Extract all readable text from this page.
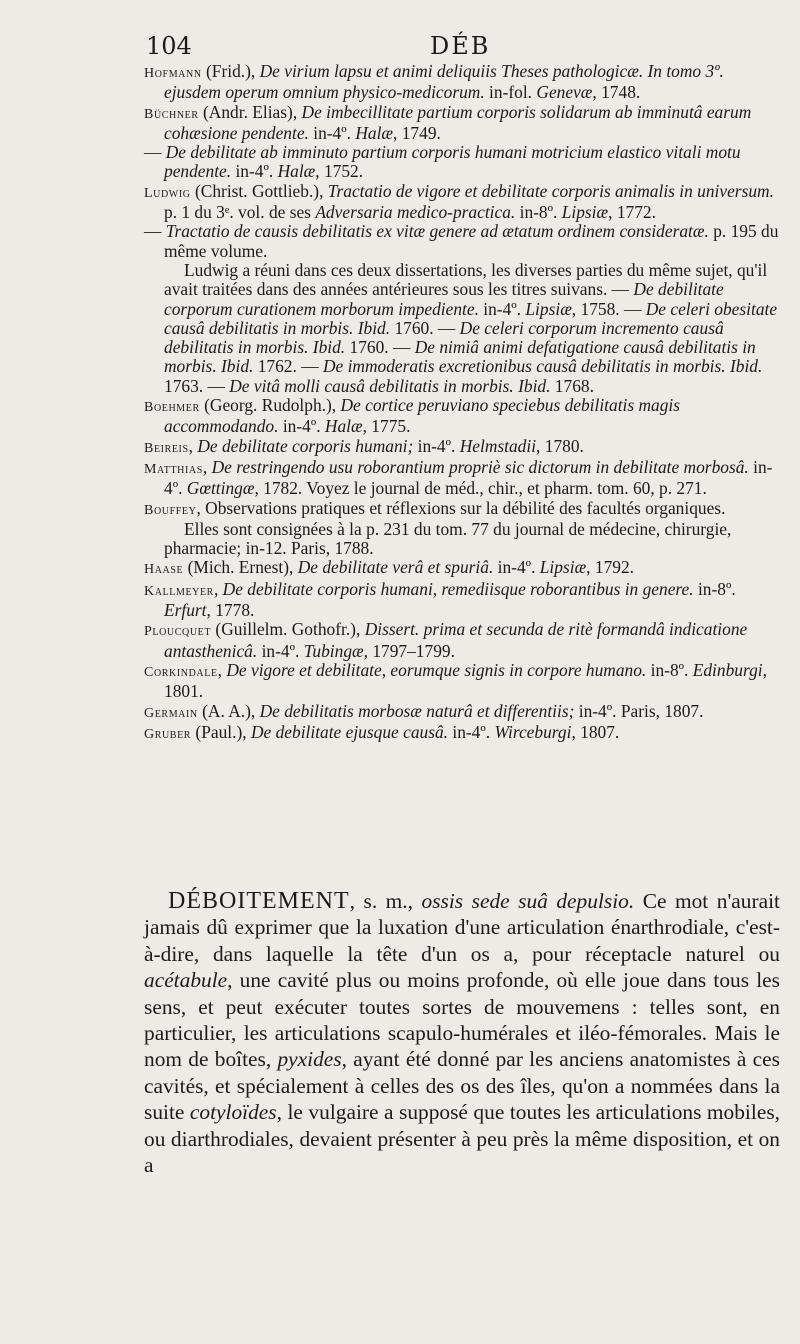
104	DÉB

Hofmann (Frid.), De virium lapsu et animi deliquiis Theses pathologicæ. In tomo 3º. ejusdem operum omnium physico-medicorum. in-fol. Genevæ, 1748.

Büchner (Andr. Elias), De imbecillitate partium corporis solidarum ab imminutâ earum cohæsione pendente. in-4º. Halæ, 1749.

— De debilitate ab imminuto partium corporis humani motricium elastico vitali motu pendente. in-4º. Halæ, 1752.

Ludwig (Christ. Gottlieb.), Tractatio de vigore et debilitate corporis animalis in universum. p. 1 du 3ᵉ. vol. de ses Adversaria medico-practica. in-8º. Lipsiæ, 1772.

— Tractatio de causis debilitatis ex vitæ genere ad ætatum ordinem consideratæ. p. 195 du même volume.

Ludwig a réuni dans ces deux dissertations, les diverses parties du même sujet, qu'il avait traitées dans des années antérieures sous les titres suivans. — De debilitate corporum curationem morborum impediente. in-4º. Lipsiæ, 1758. — De celeri obesitate causâ debilitatis in morbis. Ibid. 1760. — De celeri corporum incremento causâ debilitatis in morbis. Ibid. 1760. — De nimiâ animi defatigatione causâ debilitatis in morbis. Ibid. 1762. — De immoderatis excretionibus causâ debilitatis in morbis. Ibid. 1763. — De vitâ molli causâ debilitatis in morbis. Ibid. 1768.

Boehmer (Georg. Rudolph.), De cortice peruviano speciebus debilitatis magis accommodando. in-4º. Halæ, 1775.

Beireis, De debilitate corporis humani; in-4º. Helmstadii, 1780.

Matthias, De restringendo usu roborantium propriè sic dictorum in debilitate morbosâ. in-4º. Gœttingæ, 1782. Voyez le journal de méd., chir., et pharm. tom. 60, p. 271.

Bouffey, Observations pratiques et réflexions sur la débilité des facultés organiques.

Elles sont consignées à la p. 231 du tom. 77 du journal de médecine, chirurgie, pharmacie; in-12. Paris, 1788.

Haase (Mich. Ernest), De debilitate verâ et spuriâ. in-4º. Lipsiæ, 1792.

Kallmeyer, De debilitate corporis humani, remediisque roborantibus in genere. in-8º. Erfurt, 1778.

Ploucquet (Guillelm. Gothofr.), Dissert. prima et secunda de ritè formandâ indicatione antasthenicâ. in-4º. Tubingæ, 1797–1799.

Corkindale, De vigore et debilitate, eorumque signis in corpore humano. in-8º. Edinburgi, 1801.

Germain (A. A.), De debilitatis morbosæ naturâ et differentiis; in-4º. Paris, 1807.

Gruber (Paul.), De debilitate ejusque causâ. in-4º. Wirceburgi, 1807.

DÉBOITEMENT, s. m., ossis sede suâ depulsio. Ce mot n'aurait jamais dû exprimer que la luxation d'une articulation énarthrodiale, c'est-à-dire, dans laquelle la tête d'un os a, pour réceptacle naturel ou acétabule, une cavité plus ou moins profonde, où elle joue dans tous les sens, et peut exécuter toutes sortes de mouvemens : telles sont, en particulier, les articulations scapulo-humérales et iléo-fémorales. Mais le nom de boîtes, pyxides, ayant été donné par les anciens anatomistes à ces cavités, et spécialement à celles des os des îles, qu'on a nommées dans la suite cotyloïdes, le vulgaire a supposé que toutes les articulations mobiles, ou diarthrodiales, devaient présenter à peu près la même disposition, et on a
